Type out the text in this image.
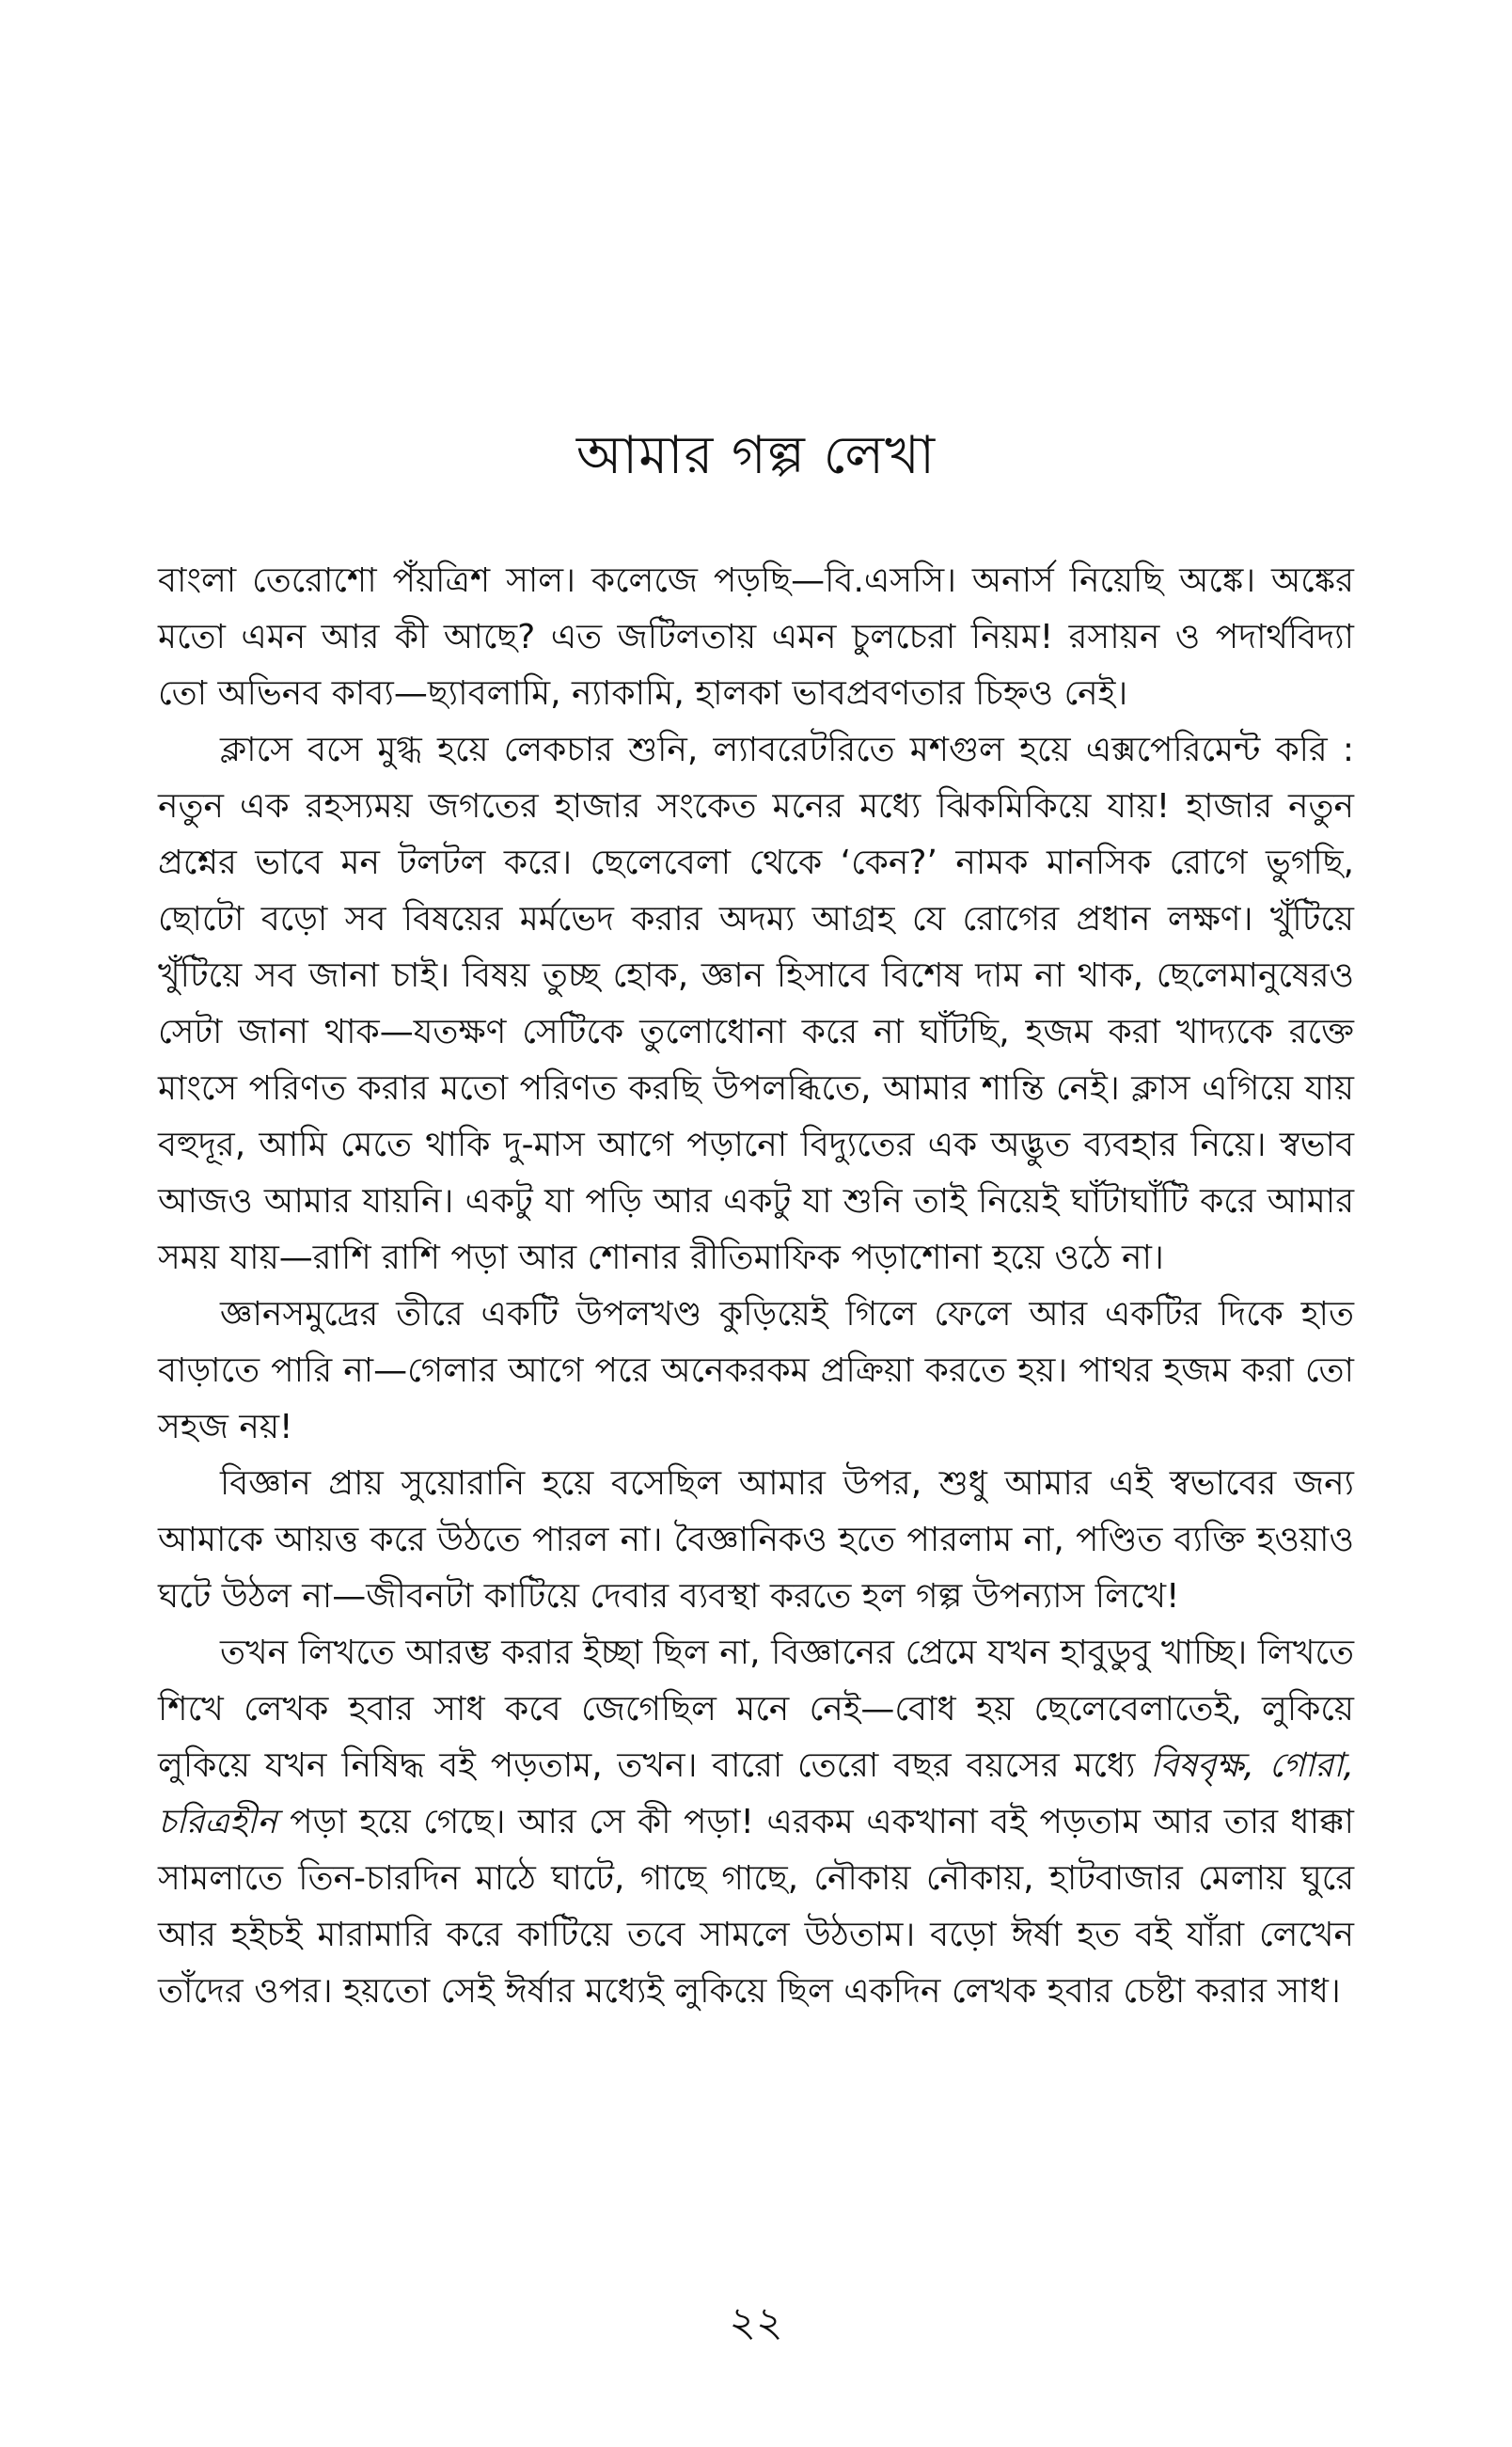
আমার গল্প লেখা

বাংলা তেরোশো পঁয়ত্রিশ সাল। কলেজে পড়ছি—বি.এসসি। অনার্স নিয়েছি অঙ্কে। অঙ্কের মতো এমন আর কী আছে? এত জটিলতায় এমন চুলচেরা নিয়ম! রসায়ন ও পদার্থবিদ্যা তো অভিনব কাব্য—ছ্যাবলামি, ন্যাকামি, হালকা ভাবপ্রবণতার চিহ্নও নেই।

ক্লাসে বসে মুগ্ধ হয়ে লেকচার শুনি, ল্যাবরেটরিতে মশগুল হয়ে এক্সপেরিমেন্ট করি : নতুন এক রহস্যময় জগতের হাজার সংকেত মনের মধ্যে ঝিকমিকিয়ে যায়! হাজার নতুন প্রশ্নের ভাবে মন টলটল করে। ছেলেবেলা থেকে ‘কেন?’ নামক মানসিক রোগে ভুগছি, ছোটো বড়ো সব বিষয়ের মর্মভেদ করার অদম্য আগ্রহ যে রোগের প্রধান লক্ষণ। খুঁটিয়ে খুঁটিয়ে সব জানা চাই। বিষয় তুচ্ছ হোক, জ্ঞান হিসাবে বিশেষ দাম না থাক, ছেলেমানুষেরও সেটা জানা থাক—যতক্ষণ সেটিকে তুলোধোনা করে না ঘাঁটছি, হজম করা খাদ্যকে রক্তে মাংসে পরিণত করার মতো পরিণত করছি উপলব্ধিতে, আমার শান্তি নেই। ক্লাস এগিয়ে যায় বহুদূর, আমি মেতে থাকি দু-মাস আগে পড়ানো বিদ্যুতের এক অদ্ভুত ব্যবহার নিয়ে। স্বভাব আজও আমার যায়নি। একটু যা পড়ি আর একটু যা শুনি তাই নিয়েই ঘাঁটাঘাঁটি করে আমার সময় যায়—রাশি রাশি পড়া আর শোনার রীতিমাফিক পড়াশোনা হয়ে ওঠে না।

জ্ঞানসমুদ্রের তীরে একটি উপলখণ্ড কুড়িয়েই গিলে ফেলে আর একটির দিকে হাত বাড়াতে পারি না—গেলার আগে পরে অনেকরকম প্রক্রিয়া করতে হয়। পাথর হজম করা তো সহজ নয়!

বিজ্ঞান প্রায় সুয়োরানি হয়ে বসেছিল আমার উপর, শুধু আমার এই স্বভাবের জন্য আমাকে আয়ত্ত করে উঠতে পারল না। বৈজ্ঞানিকও হতে পারলাম না, পণ্ডিত ব্যক্তি হওয়াও ঘটে উঠল না—জীবনটা কাটিয়ে দেবার ব্যবস্থা করতে হল গল্প উপন্যাস লিখে!

তখন লিখতে আরম্ভ করার ইচ্ছা ছিল না, বিজ্ঞানের প্রেমে যখন হাবুডুবু খাচ্ছি। লিখতে শিখে লেখক হবার সাধ কবে জেগেছিল মনে নেই—বোধ হয় ছেলেবেলাতেই, লুকিয়ে লুকিয়ে যখন নিষিদ্ধ বই পড়তাম, তখন। বারো তেরো বছর বয়সের মধ্যে বিষবৃক্ষ, গোরা, চরিত্রহীন পড়া হয়ে গেছে। আর সে কী পড়া! এরকম একখানা বই পড়তাম আর তার ধাক্কা সামলাতে তিন-চারদিন মাঠে ঘাটে, গাছে গাছে, নৌকায় নৌকায়, হাটবাজার মেলায় ঘুরে আর হইচই মারামারি করে কাটিয়ে তবে সামলে উঠতাম। বড়ো ঈর্ষা হত বই যাঁরা লেখেন তাঁদের ওপর। হয়তো সেই ঈর্ষার মধ্যেই লুকিয়ে ছিল একদিন লেখক হবার চেষ্টা করার সাধ।

২২
